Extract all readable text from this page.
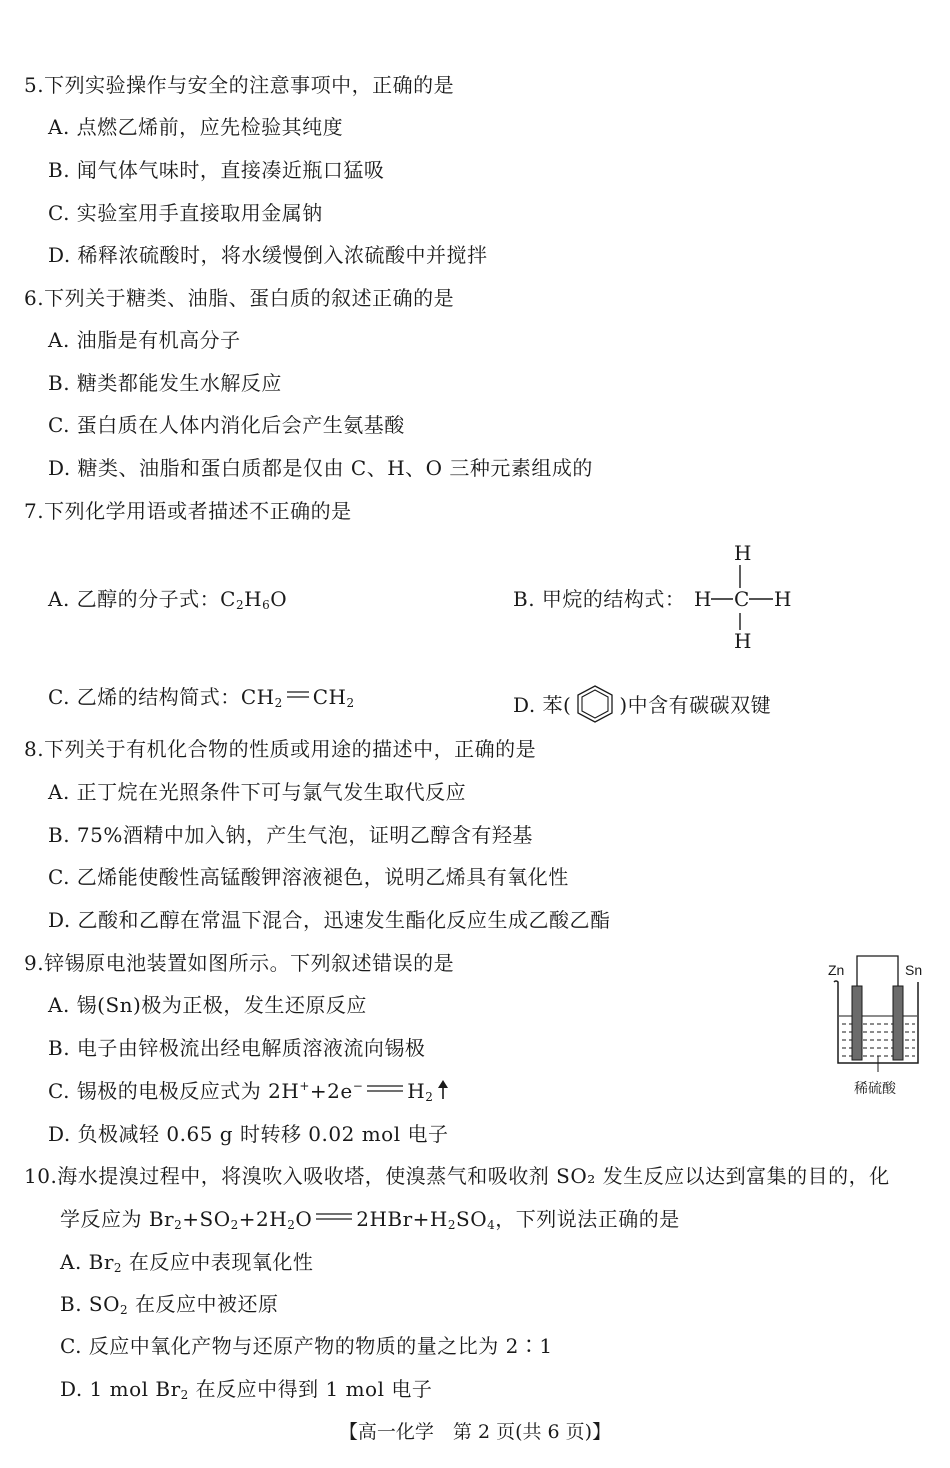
5.下列实验操作与安全的注意事项中，正确的是
A. 点燃乙烯前，应先检验其纯度
B. 闻气体气味时，直接凑近瓶口猛吸
C. 实验室用手直接取用金属钠
D. 稀释浓硫酸时，将水缓慢倒入浓硫酸中并搅拌
6.下列关于糖类、油脂、蛋白质的叙述正确的是
A. 油脂是有机高分子
B. 糖类都能发生水解反应
C. 蛋白质在人体内消化后会产生氨基酸
D. 糖类、油脂和蛋白质都是仅由 C、H、O 三种元素组成的
7.下列化学用语或者描述不正确的是
A. 乙醇的分子式：$C_2H_6O$	B. 甲烷的结构式：
H
C
H
H	H
C. 乙烯的结构简式：$CH_2$ $CH_2$	D. 苯( )中含有碳碳双键
8.下列关于有机化合物的性质或用途的描述中，正确的是
A. 正丁烷在光照条件下可与氯气发生取代反应
B. 75%酒精中加入钠，产生气泡，证明乙醇含有羟基
C. 乙烯能使酸性高锰酸钾溶液褪色，说明乙烯具有氧化性
D. 乙酸和乙醇在常温下混合，迅速发生酯化反应生成乙酸乙酯
9.锌锡原电池装置如图所示。下列叙述错误的是
A. 锡(Sn)极为正极，发生还原反应
B. 电子由锌极流出经电解质溶液流向锡极
C. 锡极的电极反应式为 2H++2e− $H_2$
D. 负极减轻 0.65 g 时转移 0.02 mol 电子
Zn	Sn
稀硫酸
10.海水提溴过程中，将溴吹入吸收塔，使溴蒸气和吸收剂 SO₂ 发生反应以达到富集的目的，化
学反应为 $Br_2+SO_2+2H_2O$ $2HBr+H_2SO_4$，下列说法正确的是
A. $Br_2$ 在反应中表现氧化性
B. $SO_2$ 在反应中被还原
C. 反应中氧化产物与还原产物的物质的量之比为 2∶1
D. 1 mol $Br_2$ 在反应中得到 1 mol 电子
【高一化学　第 2 页(共 6 页)】
